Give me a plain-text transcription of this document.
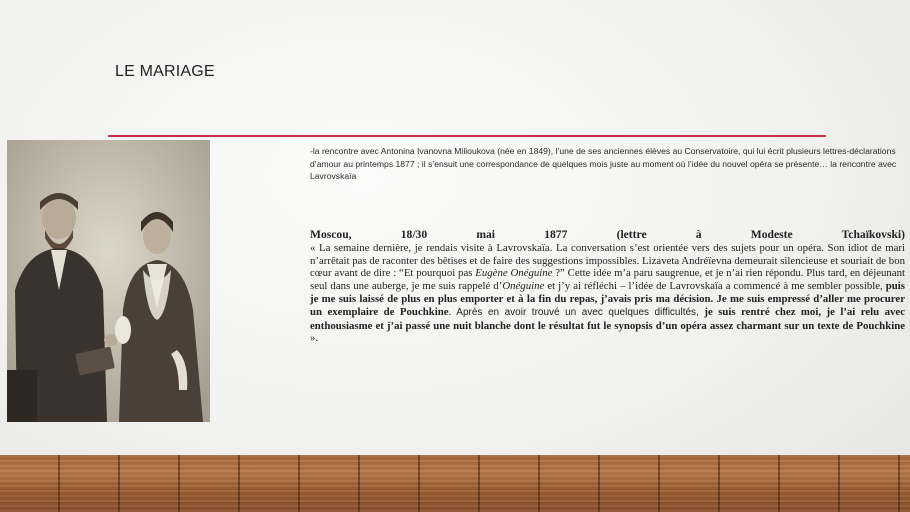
LE MARIAGE
-la rencontre avec Antonina Ivanovna Milioukova (née en 1849), l’une de ses anciennes élèves au Conservatoire, qui lui écrit plusieurs lettres-déclarations d’amour au printemps 1877 ; il s’ensuit une correspondance de quelques mois juste au moment où l’idée du nouvel opéra se présente… la rencontre avec Lavrovskaïa
Moscou, 18/30 mai 1877 (lettre à Modeste Tchaïkovski)
« La semaine dernière, je rendais visite à Lavrovskaïa. La conversation s’est orientée vers des sujets pour un opéra. Son idiot de mari n’arrêtait pas de raconter des bêtises et de faire des suggestions impossibles. Lizaveta Andréïevna demeurait silencieuse et souriait de bon cœur avant de dire : “Et pourquoi pas Eugène Onéguine ?” Cette idée m’a paru saugrenue, et je n’ai rien répondu. Plus tard, en déjeunant seul dans une auberge, je me suis rappelé d’Onéguine et j’y ai réfléchi – l’idée de Lavrovskaïa a commencé à me sembler possible, puis je me suis laissé de plus en plus emporter et à la fin du repas, j’avais pris ma décision. Je me suis empressé d’aller me procurer un exemplaire de Pouchkine. Après en avoir trouvé un avec quelques difficultés, je suis rentré chez moi, je l’ai relu avec enthousiasme et j’ai passé une nuit blanche dont le résultat fut le synopsis d’un opéra assez charmant sur un texte de Pouchkine ».
